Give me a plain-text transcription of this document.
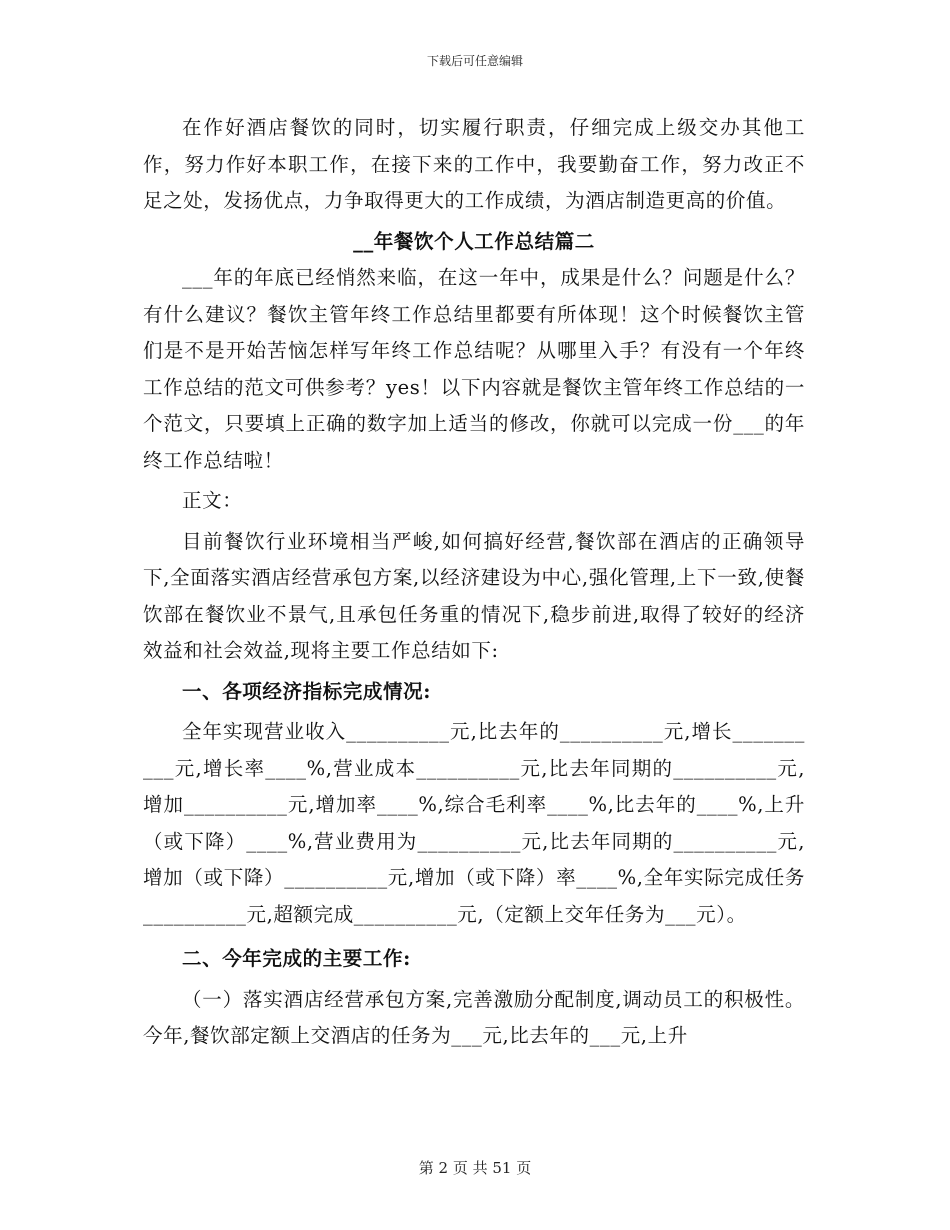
下载后可任意编辑

在作好酒店餐饮的同时，切实履行职责，仔细完成上级交办其他工作，努力作好本职工作，在接下来的工作中，我要勤奋工作，努力改正不足之处，发扬优点，力争取得更大的工作成绩，为酒店制造更高的价值。

__年餐饮个人工作总结篇二

___年的年底已经悄然来临，在这一年中，成果是什么？问题是什么？有什么建议？餐饮主管年终工作总结里都要有所体现！这个时候餐饮主管们是不是开始苦恼怎样写年终工作总结呢？从哪里入手？有没有一个年终工作总结的范文可供参考？yes！以下内容就是餐饮主管年终工作总结的一个范文，只要填上正确的数字加上适当的修改，你就可以完成一份___的年终工作总结啦！

正文：

目前餐饮行业环境相当严峻,如何搞好经营,餐饮部在酒店的正确领导下,全面落实酒店经营承包方案,以经济建设为中心,强化管理,上下一致,使餐饮部在餐饮业不景气,且承包任务重的情况下,稳步前进,取得了较好的经济效益和社会效益,现将主要工作总结如下:

一、各项经济指标完成情况:

全年实现营业收入__________元,比去年的__________元,增长__________元,增长率____%,营业成本__________元,比去年同期的__________元,增加__________元,增加率____%,综合毛利率____%,比去年的____%,上升（或下降）____%,营业费用为__________元,比去年同期的__________元,增加（或下降）__________元,增加（或下降）率____%,全年实际完成任务__________元,超额完成__________元,（定额上交年任务为___元）。

二、今年完成的主要工作:

（一）落实酒店经营承包方案,完善激励分配制度,调动员工的积极性。今年,餐饮部定额上交酒店的任务为___元,比去年的___元,上升

第 2 页 共 51 页
